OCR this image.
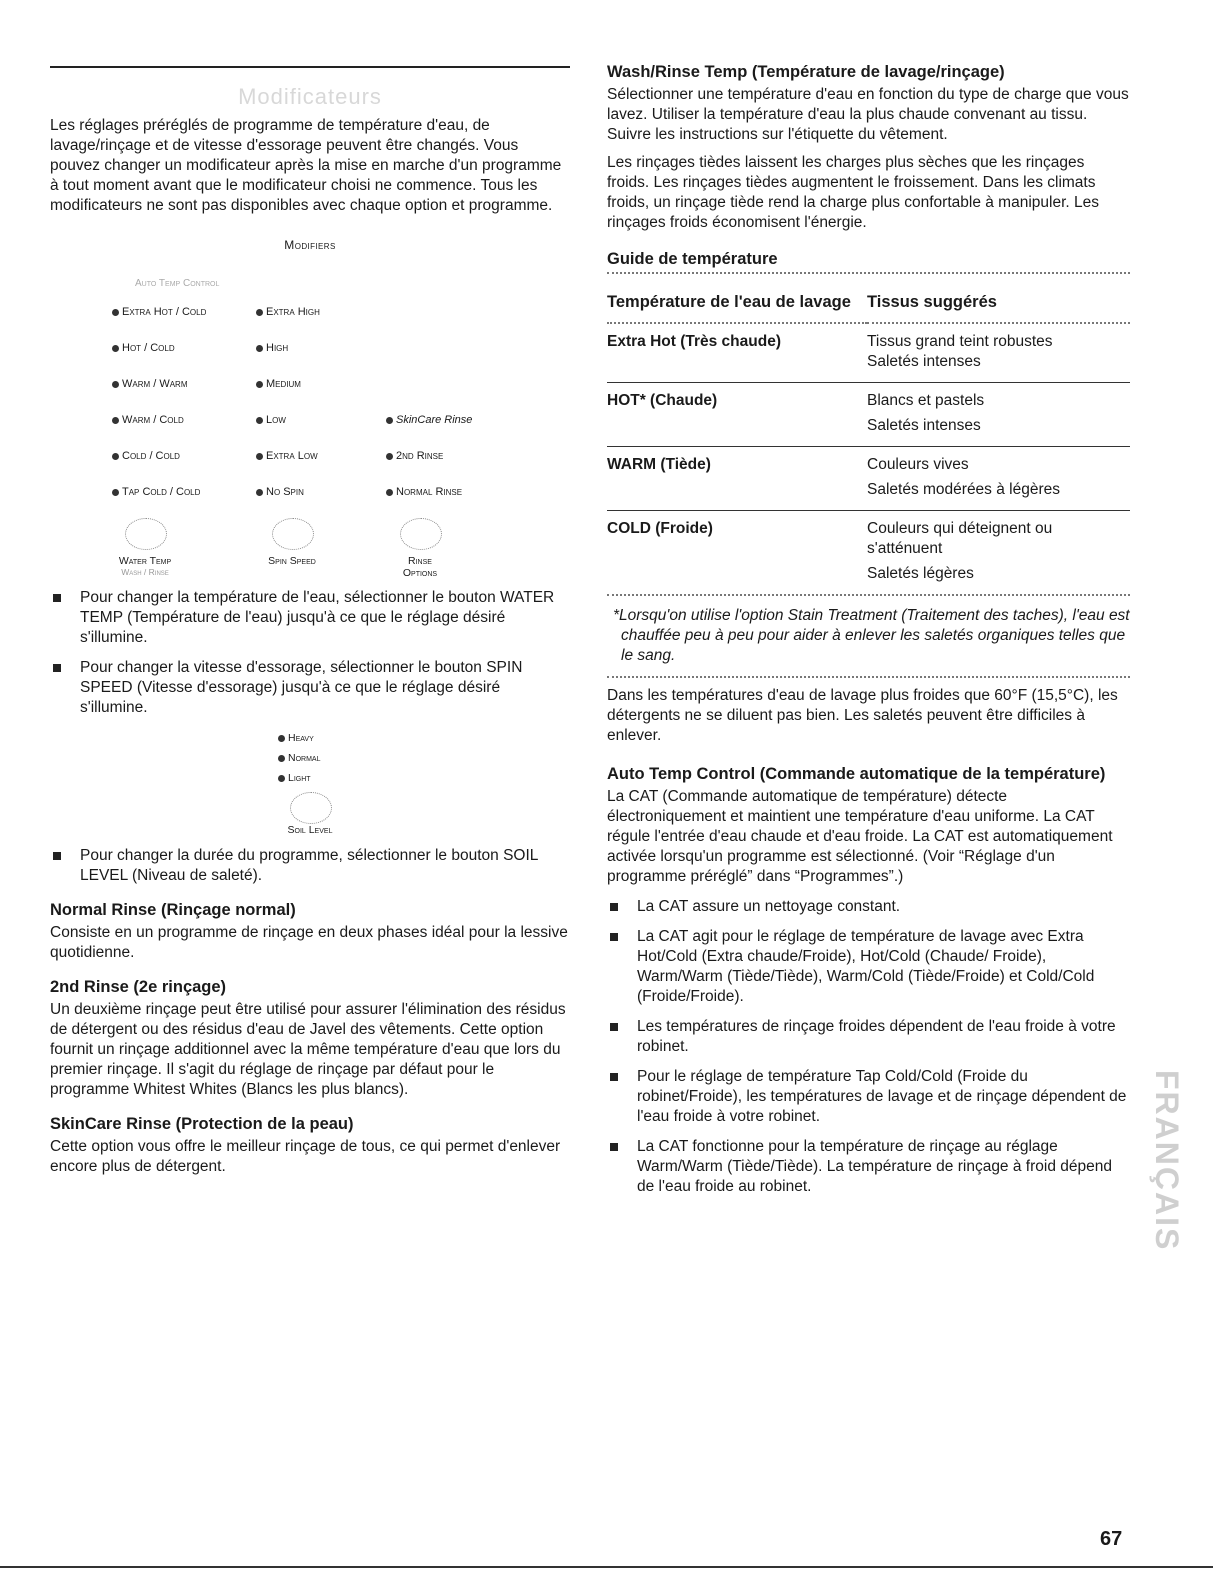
Modificateurs

Les réglages préréglés de programme de température d'eau, de lavage/rinçage et de vitesse d'essorage peuvent être changés. Vous pouvez changer un modificateur après la mise en marche d'un programme à tout moment avant que le modificateur choisi ne commence. Tous les modificateurs ne sont pas disponibles avec chaque option et programme.

Modifiers
Auto Temp Control
Extra Hot / Cold
Hot / Cold
Warm / Warm
Warm / Cold
Cold / Cold
Tap Cold / Cold
Extra High
High
Medium
Low
Extra Low
No Spin
SkinCare Rinse
2nd Rinse
Normal Rinse
Water Temp
Wash / Rinse
Spin Speed	Rinse
Options
Pour changer la température de l'eau, sélectionner le bouton WATER TEMP (Température de l'eau) jusqu'à ce que le réglage désiré s'illumine.
Pour changer la vitesse d'essorage, sélectionner le bouton SPIN SPEED (Vitesse d'essorage) jusqu'à ce que le réglage désiré s'illumine.
Heavy
Normal
Light
Soil Level
Pour changer la durée du programme, sélectionner le bouton SOIL LEVEL (Niveau de saleté).
Normal Rinse (Rinçage normal)

Consiste en un programme de rinçage en deux phases idéal pour la lessive quotidienne.

2nd Rinse (2e rinçage)

Un deuxième rinçage peut être utilisé pour assurer l'élimination des résidus de détergent ou des résidus d'eau de Javel des vêtements. Cette option fournit un rinçage additionnel avec la même température d'eau que lors du premier rinçage. Il s'agit du réglage de rinçage par défaut pour le programme Whitest Whites (Blancs les plus blancs).

SkinCare Rinse (Protection de la peau)

Cette option vous offre le meilleur rinçage de tous, ce qui permet d'enlever encore plus de détergent.

Wash/Rinse Temp (Température de lavage/rinçage)

Sélectionner une température d'eau en fonction du type de charge que vous lavez. Utiliser la température d'eau la plus chaude convenant au tissu. Suivre les instructions sur l'étiquette du vêtement.

Les rinçages tièdes laissent les charges plus sèches que les rinçages froids. Les rinçages tièdes augmentent le froissement. Dans les climats froids, un rinçage tiède rend la charge plus confortable à manipuler. Les rinçages froids économisent l'énergie.

Guide de température
Température de l'eau de lavage	Tissus suggérés
Extra Hot (Très chaude)	Tissus grand teint robustes
Saletés intenses

HOT* (Chaude)	Blancs et pastels
Saletés intenses

WARM (Tiède)	Couleurs vives
Saletés modérées à légères

COLD (Froide)	Couleurs qui déteignent ou s'atténuent
Saletés légères
*Lorsqu'on utilise l'option Stain Treatment (Traitement des taches), l'eau est chauffée peu à peu pour aider à enlever les saletés organiques telles que le sang.

Dans les températures d'eau de lavage plus froides que 60°F (15,5°C), les détergents ne se diluent pas bien. Les saletés peuvent être difficiles à enlever.

Auto Temp Control (Commande automatique de la température)

La CAT (Commande automatique de température) détecte électroniquement et maintient une température d'eau uniforme. La CAT régule l'entrée d'eau chaude et d'eau froide. La CAT est automatiquement activée lorsqu'un programme est sélectionné. (Voir “Réglage d'un programme préréglé” dans “Programmes”.)

La CAT assure un nettoyage constant.
La CAT agit pour le réglage de température de lavage avec Extra Hot/Cold (Extra chaude/Froide), Hot/Cold (Chaude/ Froide), Warm/Warm (Tiède/Tiède), Warm/Cold (Tiède/Froide) et Cold/Cold (Froide/Froide).
Les températures de rinçage froides dépendent de l'eau froide à votre robinet.
Pour le réglage de température Tap Cold/Cold (Froide du robinet/Froide), les températures de lavage et de rinçage dépendent de l'eau froide à votre robinet.
La CAT fonctionne pour la température de rinçage au réglage Warm/Warm (Tiède/Tiède). La température de rinçage à froid dépend de l'eau froide au robinet.	FRANÇAIS
67
